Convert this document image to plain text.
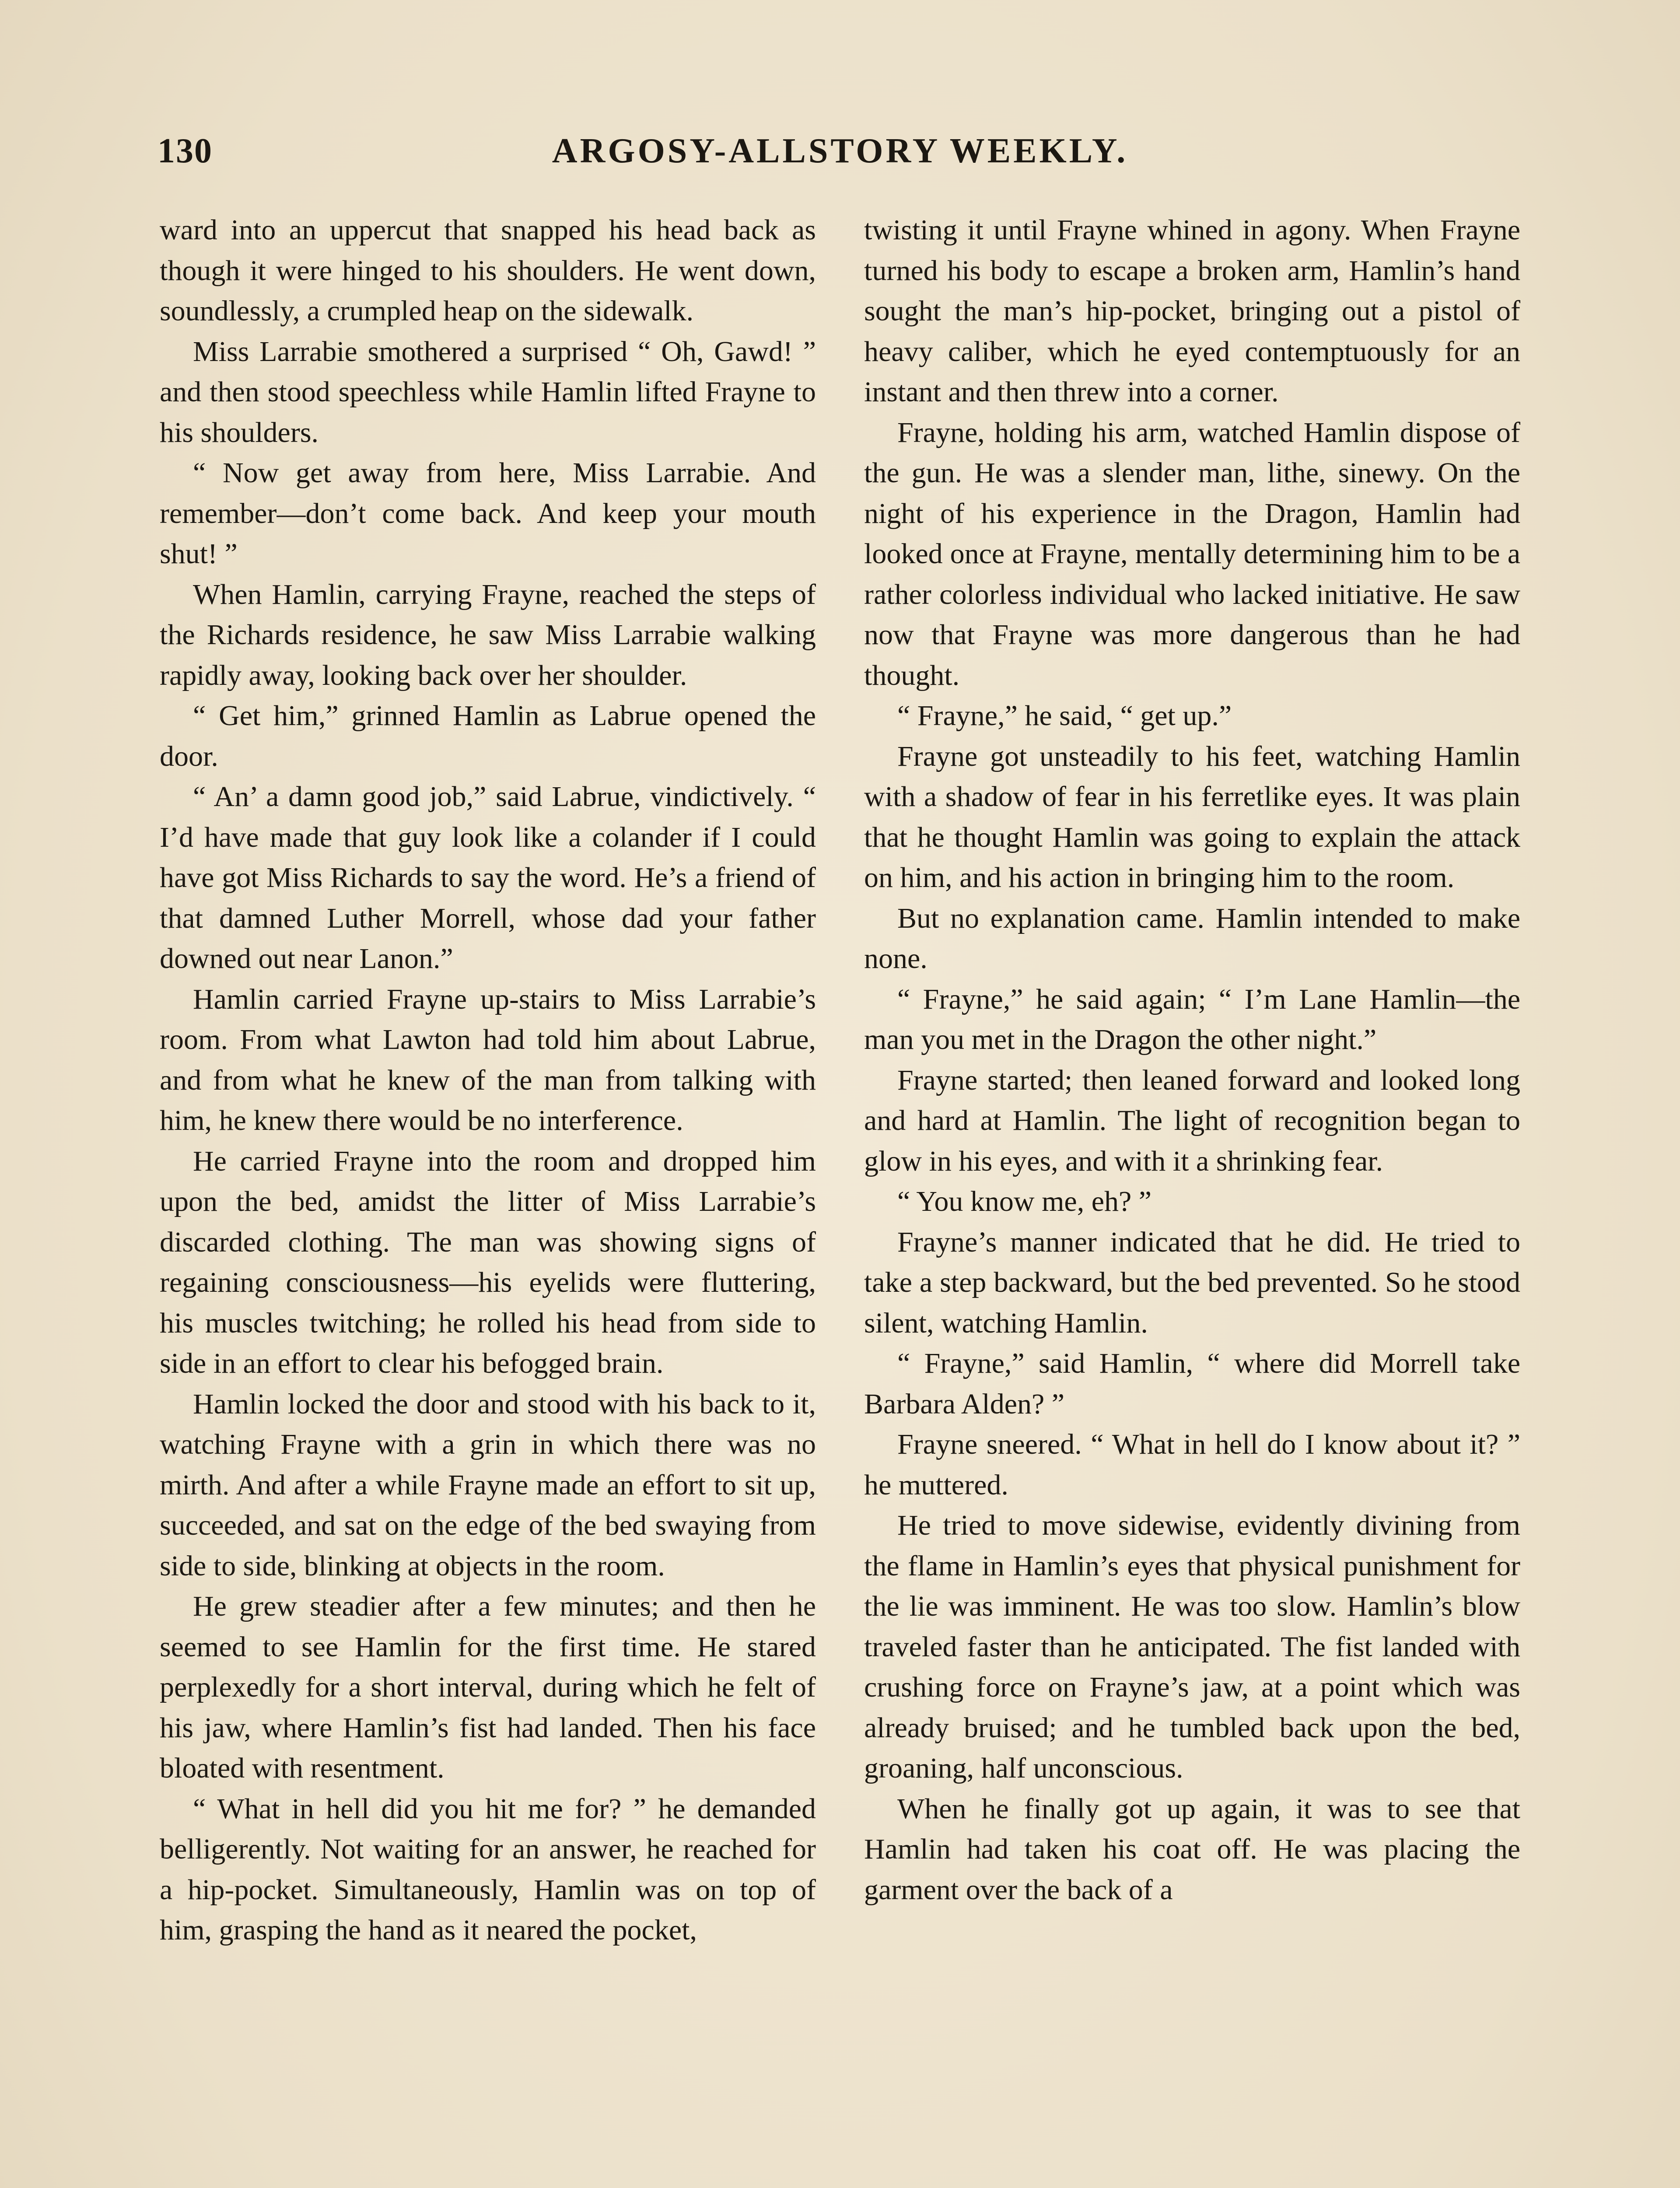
130	ARGOSY-ALLSTORY WEEKLY.

ward into an uppercut that snapped his head back as though it were hinged to his shoulders. He went down, soundlessly, a crumpled heap on the sidewalk.

Miss Larrabie smothered a surprised “ Oh, Gawd! ” and then stood speechless while Hamlin lifted Frayne to his shoulders.

“ Now get away from here, Miss Larrabie. And remember—don’t come back. And keep your mouth shut! ”

When Hamlin, carrying Frayne, reached the steps of the Richards residence, he saw Miss Larrabie walking rapidly away, looking back over her shoulder.

“ Get him,” grinned Hamlin as Labrue opened the door.

“ An’ a damn good job,” said Labrue, vindictively. “ I’d have made that guy look like a colander if I could have got Miss Richards to say the word. He’s a friend of that damned Luther Morrell, whose dad your father downed out near Lanon.”

Hamlin carried Frayne up-stairs to Miss Larrabie’s room. From what Lawton had told him about Labrue, and from what he knew of the man from talking with him, he knew there would be no interference.

He carried Frayne into the room and dropped him upon the bed, amidst the litter of Miss Larrabie’s discarded clothing. The man was showing signs of regaining consciousness—his eyelids were fluttering, his muscles twitching; he rolled his head from side to side in an effort to clear his befogged brain.

Hamlin locked the door and stood with his back to it, watching Frayne with a grin in which there was no mirth. And after a while Frayne made an effort to sit up, succeeded, and sat on the edge of the bed swaying from side to side, blinking at objects in the room.

He grew steadier after a few minutes; and then he seemed to see Hamlin for the first time. He stared perplexedly for a short interval, during which he felt of his jaw, where Hamlin’s fist had landed. Then his face bloated with resentment.

“ What in hell did you hit me for? ” he demanded belligerently. Not waiting for an answer, he reached for a hip-pocket. Simultaneously, Hamlin was on top of him, grasping the hand as it neared the pocket,

twisting it until Frayne whined in agony. When Frayne turned his body to escape a broken arm, Hamlin’s hand sought the man’s hip-pocket, bringing out a pistol of heavy caliber, which he eyed contemptuously for an instant and then threw into a corner.

Frayne, holding his arm, watched Hamlin dispose of the gun. He was a slender man, lithe, sinewy. On the night of his experience in the Dragon, Hamlin had looked once at Frayne, mentally determining him to be a rather colorless individual who lacked initiative. He saw now that Frayne was more dangerous than he had thought.

“ Frayne,” he said, “ get up.”

Frayne got unsteadily to his feet, watching Hamlin with a shadow of fear in his ferretlike eyes. It was plain that he thought Hamlin was going to explain the attack on him, and his action in bringing him to the room.

But no explanation came. Hamlin intended to make none.

“ Frayne,” he said again; “ I’m Lane Hamlin—the man you met in the Dragon the other night.”

Frayne started; then leaned forward and looked long and hard at Hamlin. The light of recognition began to glow in his eyes, and with it a shrinking fear.

“ You know me, eh? ”

Frayne’s manner indicated that he did. He tried to take a step backward, but the bed prevented. So he stood silent, watching Hamlin.

“ Frayne,” said Hamlin, “ where did Morrell take Barbara Alden? ”

Frayne sneered. “ What in hell do I know about it? ” he muttered.

He tried to move sidewise, evidently divining from the flame in Hamlin’s eyes that physical punishment for the lie was imminent. He was too slow. Hamlin’s blow traveled faster than he anticipated. The fist landed with crushing force on Frayne’s jaw, at a point which was already bruised; and he tumbled back upon the bed, groaning, half unconscious.

When he finally got up again, it was to see that Hamlin had taken his coat off. He was placing the garment over the back of a
